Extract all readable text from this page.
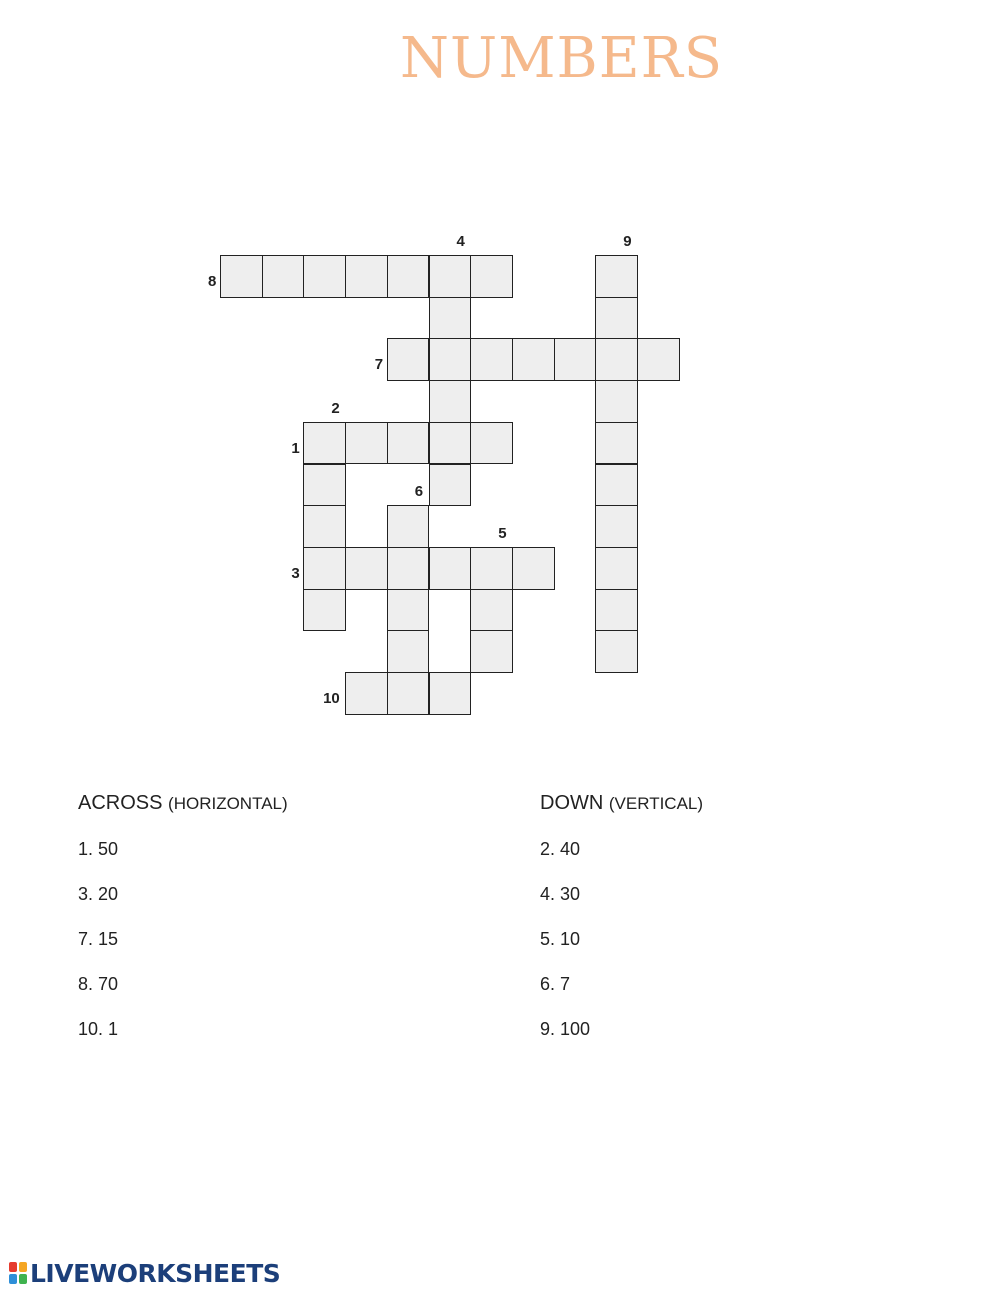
NUMBERS
8
4	9
7
2
1
6
5
3
10
ACROSS (HORIZONTAL)	DOWN (VERTICAL)
1. 50
3. 20
7. 15
8. 70
10. 1
2. 40
4. 30
5. 10
6. 7
9. 100
LIVEWORKSHEETS
